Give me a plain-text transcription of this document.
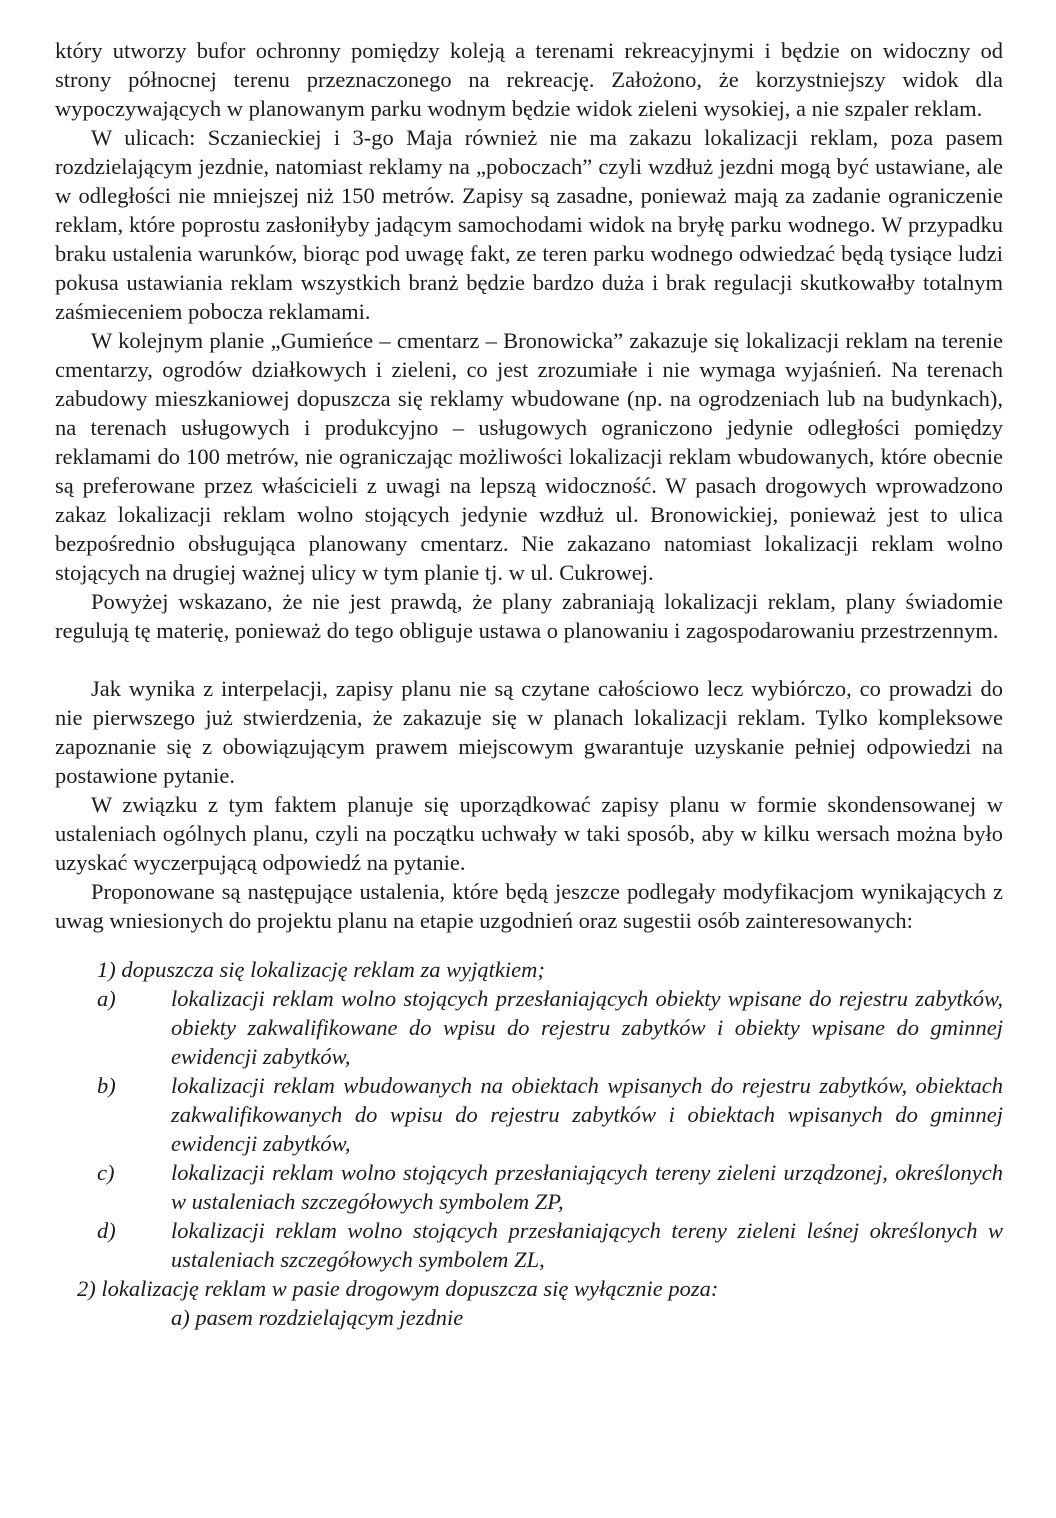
który utworzy bufor ochronny pomiędzy koleją a terenami rekreacyjnymi i będzie on widoczny od strony północnej terenu przeznaczonego na rekreację. Założono, że korzystniejszy widok dla wypoczywających w planowanym parku wodnym będzie widok zieleni wysokiej, a nie szpaler reklam.

W ulicach: Sczanieckiej i 3-go Maja również nie ma zakazu lokalizacji reklam, poza pasem rozdzielającym jezdnie, natomiast reklamy na „poboczach” czyli wzdłuż jezdni mogą być ustawiane, ale w odległości nie mniejszej niż 150 metrów. Zapisy są zasadne, ponieważ mają za zadanie ograniczenie reklam, które poprostu zasłoniłyby jadącym samochodami widok na bryłę parku wodnego. W przypadku braku ustalenia warunków, biorąc pod uwagę fakt, ze teren parku wodnego odwiedzać będą tysiące ludzi pokusa ustawiania reklam wszystkich branż będzie bardzo duża i brak regulacji skutkowałby totalnym zaśmieceniem pobocza reklamami.

W kolejnym planie „Gumieńce – cmentarz – Bronowicka” zakazuje się lokalizacji reklam na terenie cmentarzy, ogrodów działkowych i zieleni, co jest zrozumiałe i nie wymaga wyjaśnień. Na terenach zabudowy mieszkaniowej dopuszcza się reklamy wbudowane (np. na ogrodzeniach lub na budynkach), na terenach usługowych i produkcyjno – usługowych ograniczono jedynie odległości pomiędzy reklamami do 100 metrów, nie ograniczając możliwości lokalizacji reklam wbudowanych, które obecnie są preferowane przez właścicieli z uwagi na lepszą widoczność. W pasach drogowych wprowadzono zakaz lokalizacji reklam wolno stojących jedynie wzdłuż ul. Bronowickiej, ponieważ jest to ulica bezpośrednio obsługująca planowany cmentarz. Nie zakazano natomiast lokalizacji reklam wolno stojących na drugiej ważnej ulicy w tym planie tj. w ul. Cukrowej.

Powyżej wskazano, że nie jest prawdą, że plany zabraniają lokalizacji reklam, plany świadomie regulują tę materię, ponieważ do tego obliguje ustawa o planowaniu i zagospodarowaniu przestrzennym.

Jak wynika z interpelacji, zapisy planu nie są czytane całościowo lecz wybiórczo, co prowadzi do nie pierwszego już stwierdzenia, że zakazuje się w planach lokalizacji reklam. Tylko kompleksowe zapoznanie się z obowiązującym prawem miejscowym gwarantuje uzyskanie pełniej odpowiedzi na postawione pytanie.

W związku z tym faktem planuje się uporządkować zapisy planu w formie skondensowanej w ustaleniach ogólnych planu, czyli na początku uchwały w taki sposób, aby w kilku wersach można było uzyskać wyczerpującą odpowiedź na pytanie.

Proponowane są następujące ustalenia, które będą jeszcze podlegały modyfikacjom wynikających z uwag wniesionych do projektu planu na etapie uzgodnień oraz sugestii osób zainteresowanych:

1) dopuszcza się lokalizację reklam za wyjątkiem;

a)	lokalizacji reklam wolno stojących przesłaniających obiekty wpisane do rejestru zabytków, obiekty zakwalifikowane do wpisu do rejestru zabytków i obiekty wpisane do gminnej ewidencji zabytków,
b)	lokalizacji reklam wbudowanych na obiektach wpisanych do rejestru zabytków, obiektach zakwalifikowanych do wpisu do rejestru zabytków i obiektach wpisanych do gminnej ewidencji zabytków,
c)	lokalizacji reklam wolno stojących przesłaniających tereny zieleni urządzonej, określonych w ustaleniach szczegółowych symbolem ZP,
d)	lokalizacji reklam wolno stojących przesłaniających tereny zieleni leśnej określonych w ustaleniach szczegółowych symbolem ZL,

2) lokalizację reklam w pasie drogowym dopuszcza się wyłącznie poza:

a) pasem rozdzielającym jezdnie
